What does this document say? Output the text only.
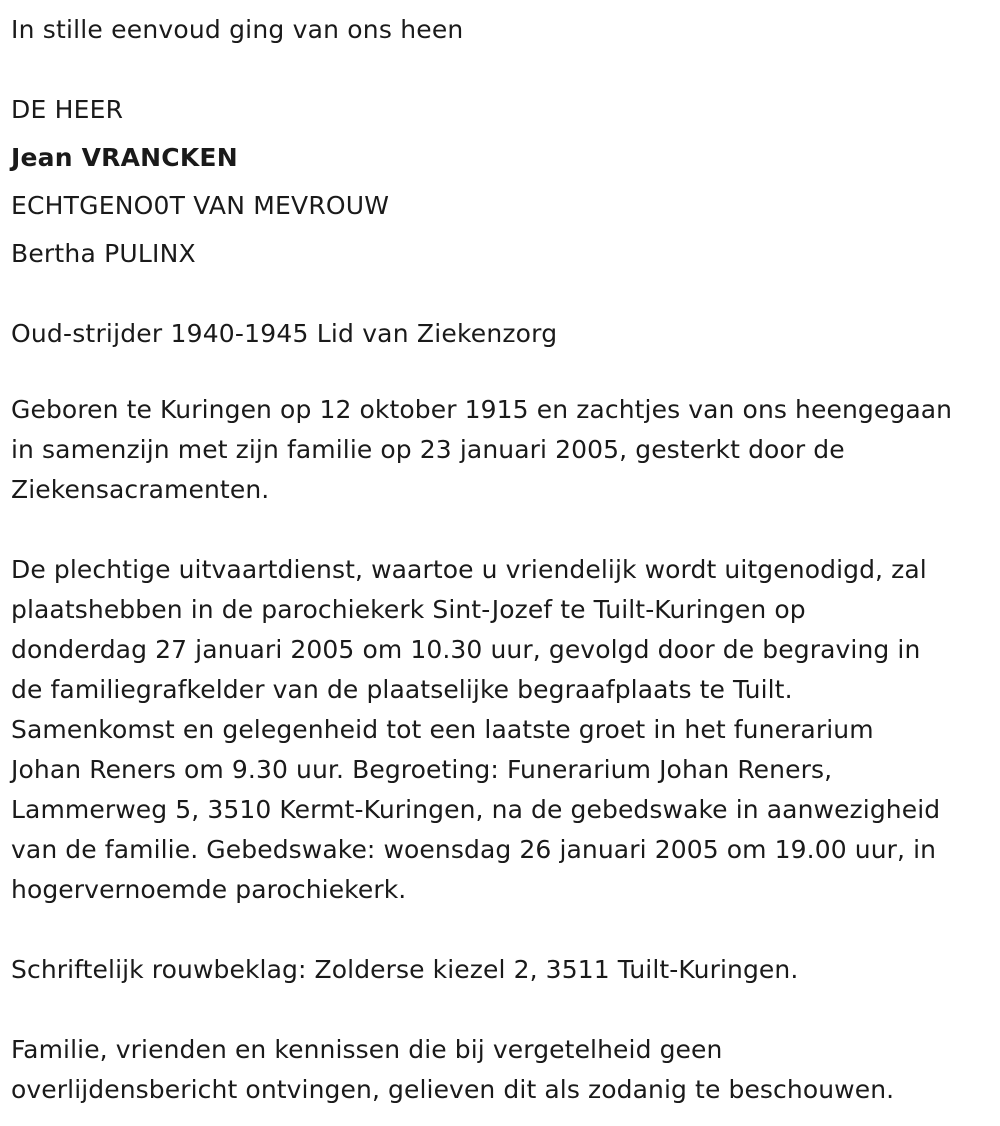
In stille eenvoud ging van ons heen

DE HEER

Jean VRANCKEN

ECHTGENO0T VAN MEVROUW

Bertha PULINX

Oud-strijder 1940-1945 Lid van Ziekenzorg

Geboren te Kuringen op 12 oktober 1915 en zachtjes van ons heengegaan
in samenzijn met zijn familie op 23 januari 2005, gesterkt door de
Ziekensacramenten.

De plechtige uitvaartdienst, waartoe u vriendelijk wordt uitgenodigd, zal
plaatshebben in de parochiekerk Sint-Jozef te Tuilt-Kuringen op
donderdag 27 januari 2005 om 10.30 uur, gevolgd door de begraving in
de familiegrafkelder van de plaatselijke begraafplaats te Tuilt.
Samenkomst en gelegenheid tot een laatste groet in het funerarium
Johan Reners om 9.30 uur. Begroeting: Funerarium Johan Reners,
Lammerweg 5, 3510 Kermt-Kuringen, na de gebedswake in aanwezigheid
van de familie. Gebedswake: woensdag 26 januari 2005 om 19.00 uur, in
hogervernoemde parochiekerk.

Schriftelijk rouwbeklag: Zolderse kiezel 2, 3511 Tuilt-Kuringen.

Familie, vrienden en kennissen die bij vergetelheid geen
overlijdensbericht ontvingen, gelieven dit als zodanig te beschouwen.
